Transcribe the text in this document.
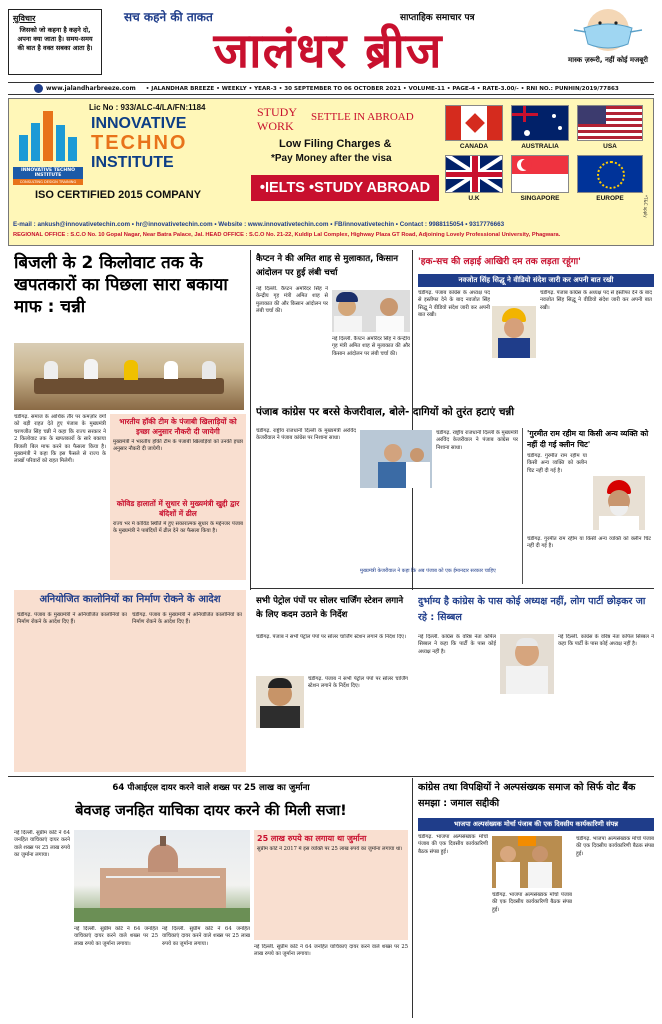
सुविचार
जिसको जो कहना है कहने दो, अपना क्या जाता है। समय-समय की बात है वक्त सबका आता है।
सच कहने की ताकत	साप्ताहिक समाचार पत्र
जालंधर ब्रीज	मास्क ज़रूरी, नहीं कोई मजबूरी
www.jalandharbreeze.com • JALANDHAR BREEZE • WEEKLY • YEAR-3 • 30 SEPTEMBER TO 06 OCTOBER 2021 • VOLUME-11 • PAGE-4 • RATE-3.00/- • RNI NO.: PUNHIN/2019/77863
INNOVATIVE TECHNO INSTITUTE
CONSULTING DESIGN TRAINING
Lic No : 933/ALC-4/LA/FN:1184
INNOVATIVE
TECHNO
INSTITUTE
ISO CERTIFIED 2015 COMPANY
STUDY
WORK
SETTLE IN ABROAD
Low Filing Charges &
*Pay Money after the visa
•IELTS •STUDY ABROAD
CANADA	AUSTRALIA	USA
U.K	SINGAPORE	EUROPE	*T&C apply
E-mail : ankush@innovativetechin.com • hr@innovativetechin.com • Website : www.innovativetechin.com • FB/innovativetechin • Contact : 9988115054 • 9317776663
REGIONAL OFFICE : S.C.O No. 10 Gopal Nagar, Near Batra Palace, Jal. HEAD OFFICE : S.C.O No. 21-22, Kuldip Lal Complex, Highway Plaza GT Road, Adjoining Lovely Professional University, Phagwara.
बिजली के 2 किलोवाट तक के खपतकारों का पिछला सारा बकाया माफ : चन्नी
चंडीगढ़. समाज के आर्थिक तौर पर कमज़ोर वर्गों को बड़ी राहत देते हुए पंजाब के मुख्यमंत्री चरणजीत सिंह चन्नी ने कहा कि राज्य सरकार ने 2 किलोवाट तक के खपतकारों के सारे बकाया बिजली बिल माफ करने का फैसला किया है। मुख्यमंत्री ने कहा कि इस फैसले से राज्य के लाखों परिवारों को राहत मिलेगी।
भारतीय हॉकी टीम के पंजाबी खिलाड़ियों को इच्छा अनुसार नौकरी दी जायेगी
मुख्यमंत्री ने भारतीय हॉकी टीम के पंजाबी खिलाड़ियों को उनकी इच्छा अनुसार नौकरी दी जायेगी।
कोविड हालातों में सुधार से मुख्यमंत्री खुद्दी द्वार बंदिशों में ढील
राज्य भर में कोविड स्थिति में हुए सकारात्मक सुधार के मद्देनजर पंजाब के मुख्यमंत्री ने पाबंदियों में ढील देने का फैसला किया है।
कैप्टन ने की अमित शाह से मुलाकात, किसान आंदोलन पर हुई लंबी चर्चा
नई दिल्ली. कैप्टन अमरिंदर सिंह ने केन्द्रीय गृह मंत्री अमित शाह से मुलाकात की और किसान आंदोलन पर लंबी चर्चा की।
नई दिल्ली. कैप्टन अमरिंदर सिंह ने केन्द्रीय गृह मंत्री अमित शाह से मुलाकात की और किसान आंदोलन पर लंबी चर्चा की।
'हक-सच की लड़ाई आखिरी दम तक लड़ता रहूंगा'
नवजोत सिंह सिद्धू ने वीडियो संदेश जारी कर अपनी बात रखी
चंडीगढ़. पंजाब कांग्रेस के अध्यक्ष पद से इस्तीफा देने के बाद नवजोत सिंह सिद्धू ने वीडियो संदेश जारी कर अपनी बात रखी।
चंडीगढ़. पंजाब कांग्रेस के अध्यक्ष पद से इस्तीफा देने के बाद नवजोत सिंह सिद्धू ने वीडियो संदेश जारी कर अपनी बात रखी।
पंजाब कांग्रेस पर बरसे केजरीवाल, बोले- दागियों को तुरंत हटाएं चन्नी
चंडीगढ़. राष्ट्रीय राजधानी दिल्ली के मुख्यमंत्री अरविंद केजरीवाल ने पंजाब कांग्रेस पर निशाना साधा।
मुख्यमंत्री केजरीवाल ने कहा कि अब पंजाब को एक ईमानदार सरकार चाहिए
चंडीगढ़. राष्ट्रीय राजधानी दिल्ली के मुख्यमंत्री अरविंद केजरीवाल ने पंजाब कांग्रेस पर निशाना साधा।
'गुरमीत राम रहीम या किसी अन्य व्यक्ति को नहीं दी गई क्लीन चिट'
चंडीगढ़. गुरमीत राम रहीम या किसी अन्य व्यक्ति को क्लीन चिट नहीं दी गई है।
चंडीगढ़. गुरमीत राम रहीम या किसी अन्य व्यक्ति को क्लीन चिट नहीं दी गई है।
अनियोजित कालोनियों का निर्माण रोकने के आदेश
चंडीगढ़. पंजाब के मुख्यमंत्री ने अनियोजित कालोनियों का निर्माण रोकने के आदेश दिए हैं।
चंडीगढ़. पंजाब के मुख्यमंत्री ने अनियोजित कालोनियों का निर्माण रोकने के आदेश दिए हैं।
सभी पेट्रोल पंपों पर सोलर चार्जिंग स्टेशन लगाने के लिए कदम उठाने के निर्देश
चंडीगढ़. पंजाब ने सभी पेट्रोल पंपों पर सोलर चार्जिंग स्टेशन लगाने के निर्देश दिए।
चंडीगढ़. पंजाब ने सभी पेट्रोल पंपों पर सोलर चार्जिंग स्टेशन लगाने के निर्देश दिए।
दुर्भाग्य है कांग्रेस के पास कोई अध्यक्ष नहीं, लोग पार्टी छोड़कर जा रहे : सिब्बल
नई दिल्ली. कांग्रेस के वरिष्ठ नेता कपिल सिब्बल ने कहा कि पार्टी के पास कोई अध्यक्ष नहीं है।
नई दिल्ली. कांग्रेस के वरिष्ठ नेता कपिल सिब्बल ने कहा कि पार्टी के पास कोई अध्यक्ष नहीं है।
64 पीआईएल दायर करने वाले शख्स पर 25 लाख का जुर्माना
बेवजह जनहित याचिका दायर करने की मिली सजा!
नई दिल्ली. सुप्रीम कोर्ट ने 64 जनहित याचिकाएं दायर करने वाले शख्स पर 25 लाख रुपये का जुर्माना लगाया।
नई दिल्ली. सुप्रीम कोर्ट ने 64 जनहित याचिकाएं दायर करने वाले शख्स पर 25 लाख रुपये का जुर्माना लगाया।
नई दिल्ली. सुप्रीम कोर्ट ने 64 जनहित याचिकाएं दायर करने वाले शख्स पर 25 लाख रुपये का जुर्माना लगाया।
25 लाख रुपये का लगाया था जुर्माना
सुप्रीम कोर्ट ने 2017 में इस व्यक्ति पर 25 लाख रुपये का जुर्माना लगाया था।
नई दिल्ली. सुप्रीम कोर्ट ने 64 जनहित याचिकाएं दायर करने वाले शख्स पर 25 लाख रुपये का जुर्माना लगाया।
कांग्रेस तथा विपक्षियों ने अल्पसंख्यक समाज को सिर्फ वोट बैंक समझा : जमाल सद्दीकी
भाजपा अल्पसंख्यक मोर्चा पंजाब की एक दिवसीय कार्यकारिणी संपन्न
चंडीगढ़. भाजपा अल्पसंख्यक मोर्चा पंजाब की एक दिवसीय कार्यकारिणी बैठक संपन्न हुई।
चंडीगढ़. भाजपा अल्पसंख्यक मोर्चा पंजाब की एक दिवसीय कार्यकारिणी बैठक संपन्न हुई।
चंडीगढ़. भाजपा अल्पसंख्यक मोर्चा पंजाब की एक दिवसीय कार्यकारिणी बैठक संपन्न हुई।
